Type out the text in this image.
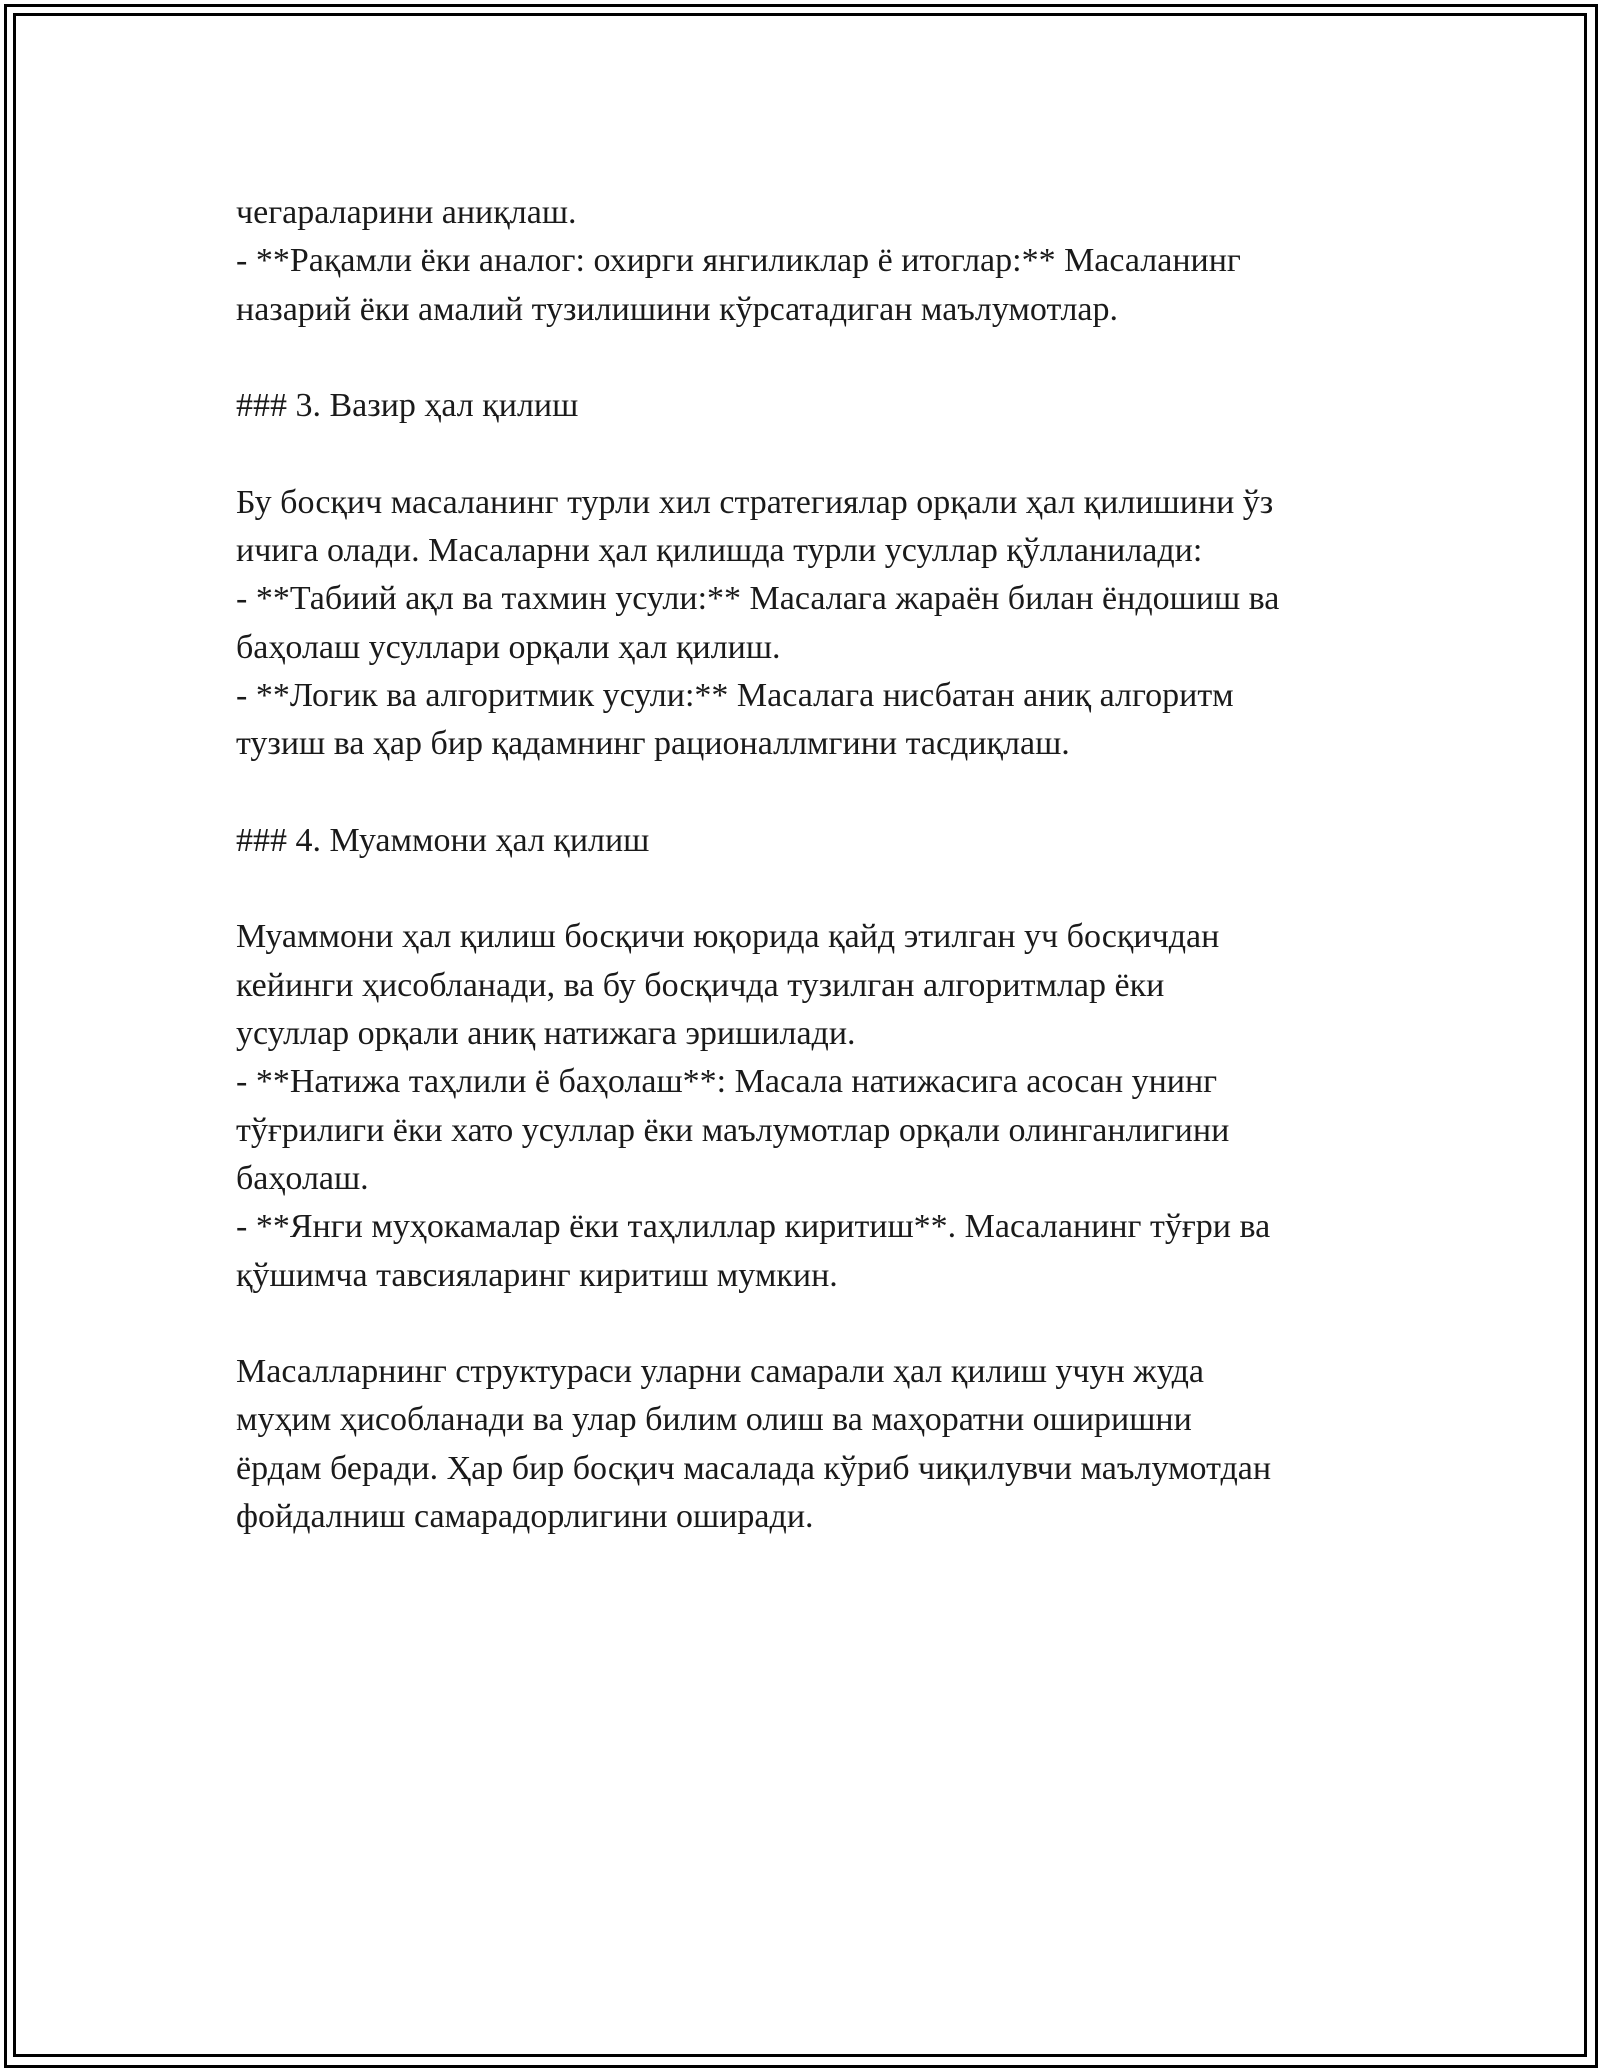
чегараларини аниқлаш.
- **Рақамли ёки аналог: охирги янгиликлар ё итоглар:** Масаланинг
назарий ёки амалий тузилишини кўрсатадиган маълумотлар.
### 3. Вазир ҳал қилиш
Бу босқич масаланинг турли хил стратегиялар орқали ҳал қилишини ўз
ичига олади. Масаларни ҳал қилишда турли усуллар қўлланилади:
- **Табиий ақл ва тахмин усули:** Масалага жараён билан ёндошиш ва
баҳолаш усуллари орқали ҳал қилиш.
- **Логик ва алгоритмик усули:** Масалага нисбатан аниқ алгоритм
тузиш ва ҳар бир қадамнинг рационаллмгини тасдиқлаш.
### 4. Муаммони ҳал қилиш
Муаммони ҳал қилиш босқичи юқорида қайд этилган уч босқичдан
кейинги ҳисобланади, ва бу босқичда тузилган алгоритмлар ёки
усуллар орқали аниқ натижага эришилади.
- **Натижа таҳлили ё баҳолаш**: Масала натижасига асосан унинг
тўғрилиги ёки хато усуллар ёки маълумотлар орқали олинганлигини
баҳолаш.
- **Янги муҳокамалар ёки таҳлиллар киритиш**. Масаланинг тўғри ва
қўшимча тавсияларинг киритиш мумкин.
Масалларнинг структураси уларни самарали ҳал қилиш учун жуда
муҳим ҳисобланади ва улар билим олиш ва маҳоратни оширишни
ёрдам беради. Ҳар бир босқич масалада кўриб чиқилувчи маълумотдан
фойдалниш самарадорлигини оширади.
